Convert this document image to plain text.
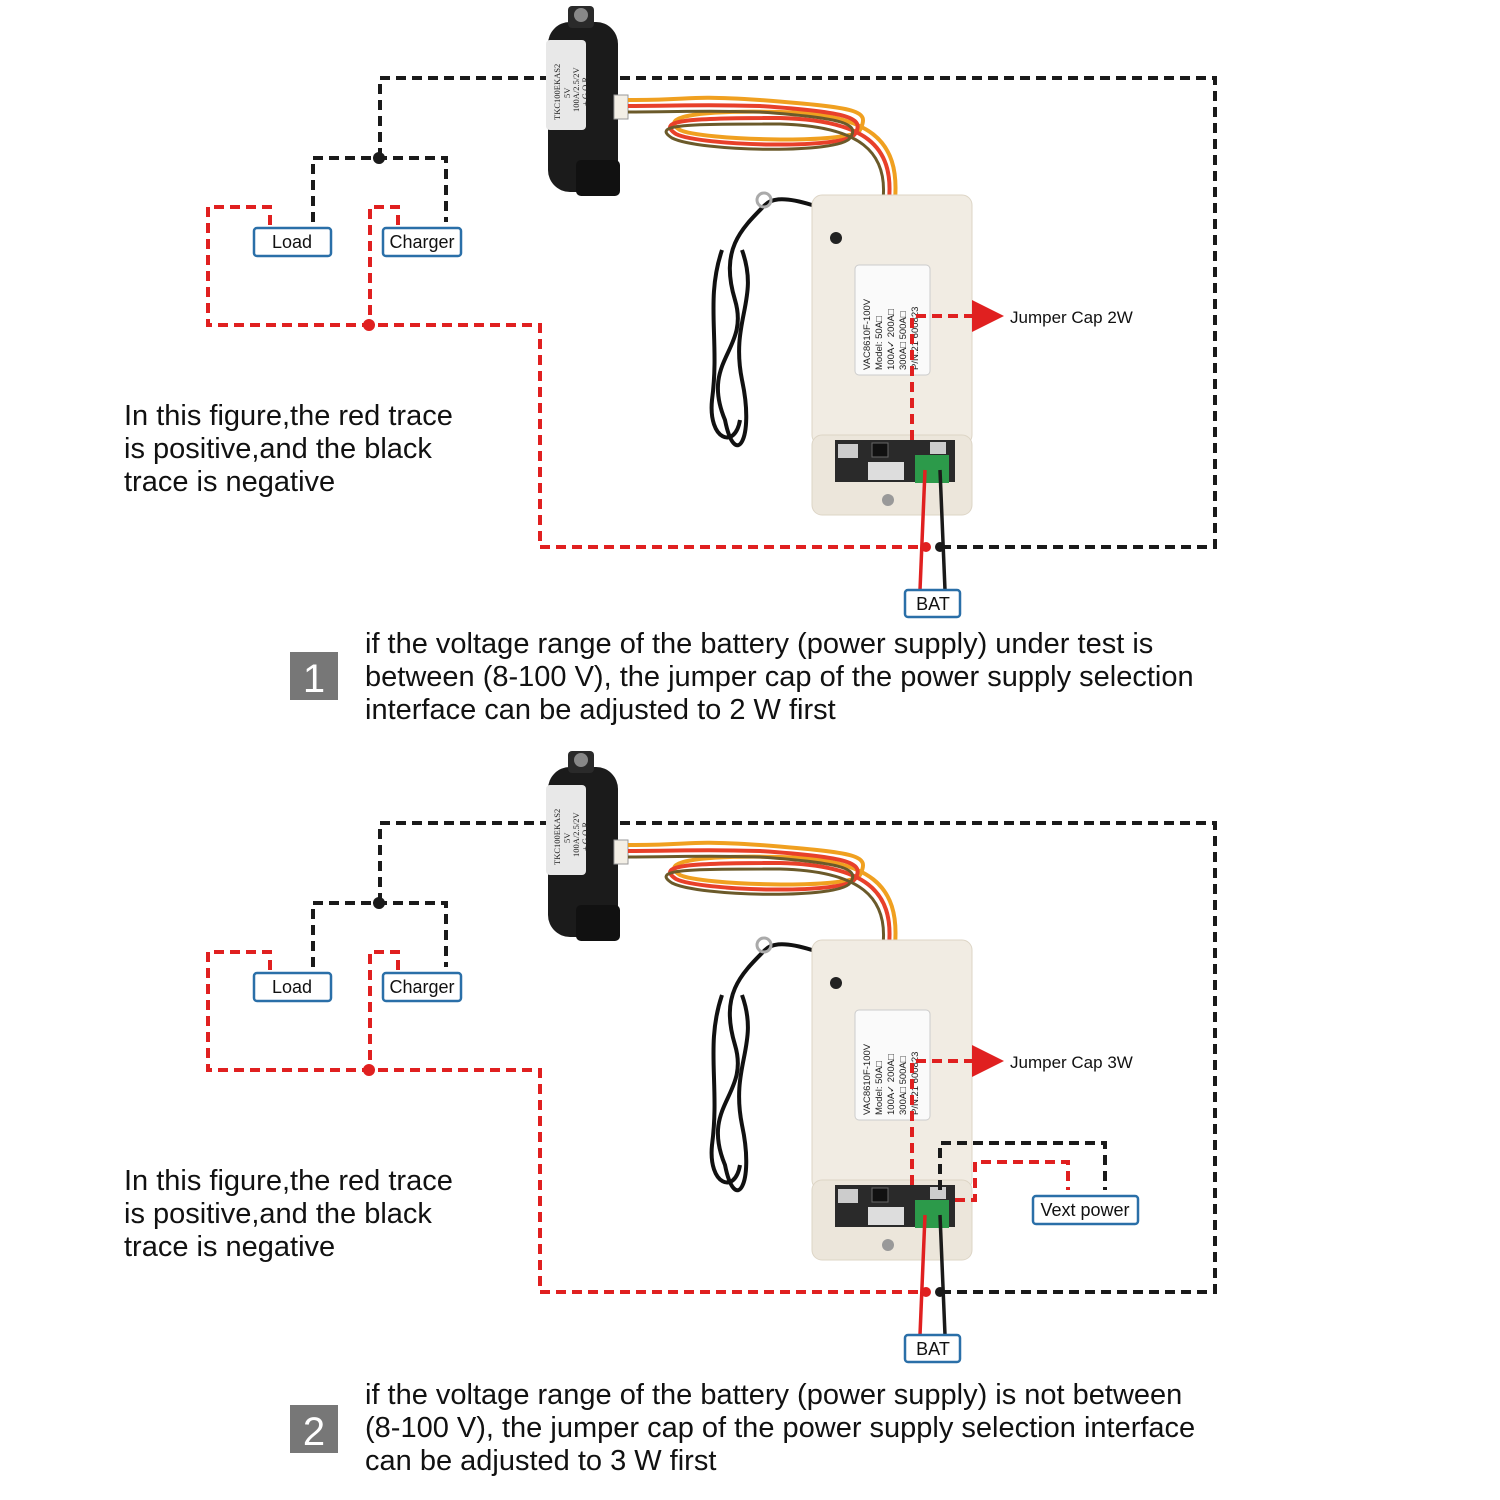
TKC100EKAS2 5V 100A/2.5/2V + G O R
VAC8610F-100V Model: 50A□ 100A✓ 200A□ 300A□ 500A□ P/N:21 600823	Jumper Cap 2W
Load	Charger
BAT
In this figure,the red trace
is positive,and the black
trace is negative
1
if the voltage range of the battery (power supply) under test is
between (8-100 V), the jumper cap of the power supply selection
interface can be adjusted to 2 W first
TKC100EKAS2 5V 100A/2.5/2V + G O R
VAC8610F-100V Model: 50A□ 100A✓ 200A□ 300A□ 500A□ P/N:21 600823	Jumper Cap 3W
Load	Charger
Vext power
BAT
In this figure,the red trace
is positive,and the black
trace is negative
2
if the voltage range of the battery (power supply) is not between
(8-100 V), the jumper cap of the power supply selection interface
can be adjusted to 3 W first
